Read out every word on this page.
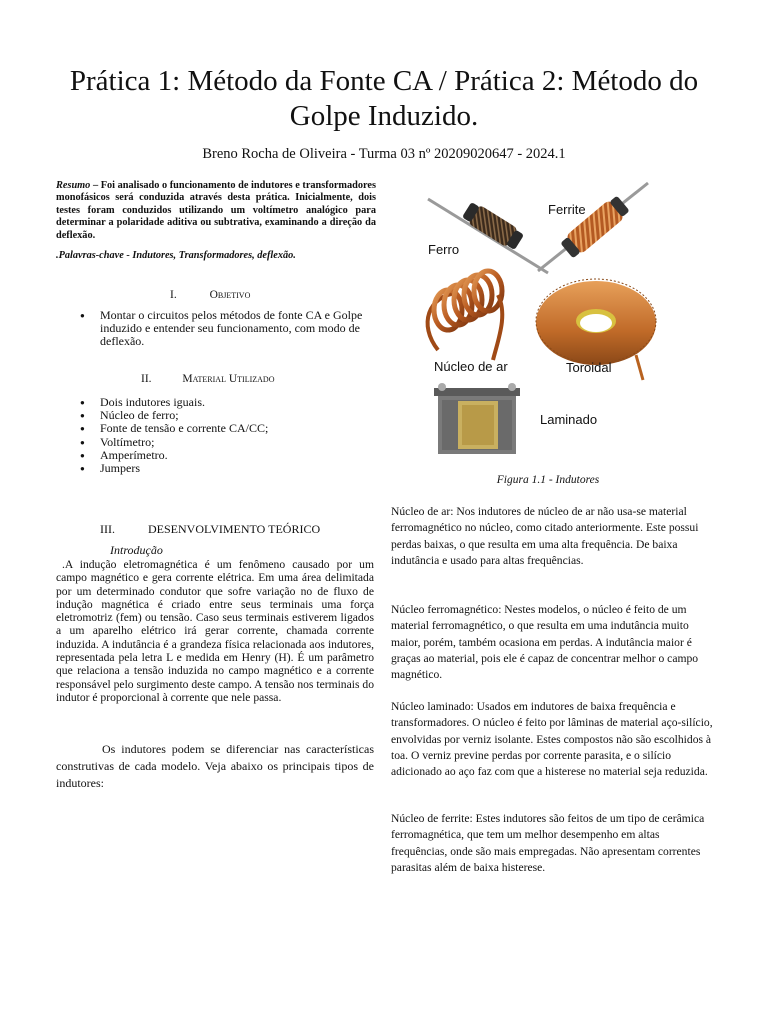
Prática 1: Método da Fonte CA / Prática 2: Método do Golpe Induzido.
Breno Rocha de Oliveira - Turma 03 nº 20209020647 - 2024.1
Resumo – Foi analisado o funcionamento de indutores e transformadores monofásicos será conduzida através desta prática. Inicialmente, dois testes foram conduzidos utilizando um voltímetro analógico para determinar a polaridade aditiva ou subtrativa, examinando a direção da deflexão.
.Palavras-chave - Indutores, Transformadores, deflexão.
I.	Objetivo
● Montar o circuitos pelos métodos de fonte CA e Golpe induzido e entender seu funcionamento, com modo de deflexão.
II.	Material Utilizado
● Dois indutores iguais.
● Núcleo de ferro;
● Fonte de tensão e corrente CA/CC;
● Voltímetro;
● Amperímetro.
● Jumpers
III.	DESENVOLVIMENTO TEÓRICO
Introdução
.A indução eletromagnética é um fenômeno causado por um campo magnético e gera corrente elétrica. Em uma área delimitada por um determinado condutor que sofre variação no de fluxo de indução magnética é criado entre seus terminais uma força eletromotriz (fem) ou tensão. Caso seus terminais estiverem ligados a um aparelho elétrico irá gerar corrente, chamada corrente induzida. A indutância é a grandeza física relacionada aos indutores, representada pela letra L e medida em Henry (H). É um parâmetro que relaciona a tensão induzida no campo magnético e a corrente responsável pelo surgimento deste campo. A tensão nos terminais do indutor é proporcional à corrente que nele passa.
Os indutores podem se diferenciar nas características construtivas de cada modelo. Veja abaixo os principais tipos de indutores:
Ferro
Ferrite
Núcleo de ar	Toroidal
Laminado
Figura 1.1 - Indutores
Núcleo de ar: Nos indutores de núcleo de ar não usa-se material ferromagnético no núcleo, como citado anteriormente. Este possui perdas baixas, o que resulta em uma alta frequência. De baixa indutância e usado para altas frequências.
Núcleo ferromagnético: Nestes modelos, o núcleo é feito de um material ferromagnético, o que resulta em uma indutância muito maior, porém, também ocasiona em perdas. A indutância maior é graças ao material, pois ele é capaz de concentrar melhor o campo magnético.
Núcleo laminado: Usados em indutores de baixa frequência e transformadores. O núcleo é feito por lâminas de material aço-silício, envolvidas por verniz isolante. Estes compostos não são escolhidos à toa. O verniz previne perdas por corrente parasita, e o silício adicionado ao aço faz com que a histerese no material seja reduzida.
Núcleo de ferrite: Estes indutores são feitos de um tipo de cerâmica ferromagnética, que tem um melhor desempenho em altas frequências, onde são mais empregadas. Não apresentam correntes parasitas além de baixa histerese.
